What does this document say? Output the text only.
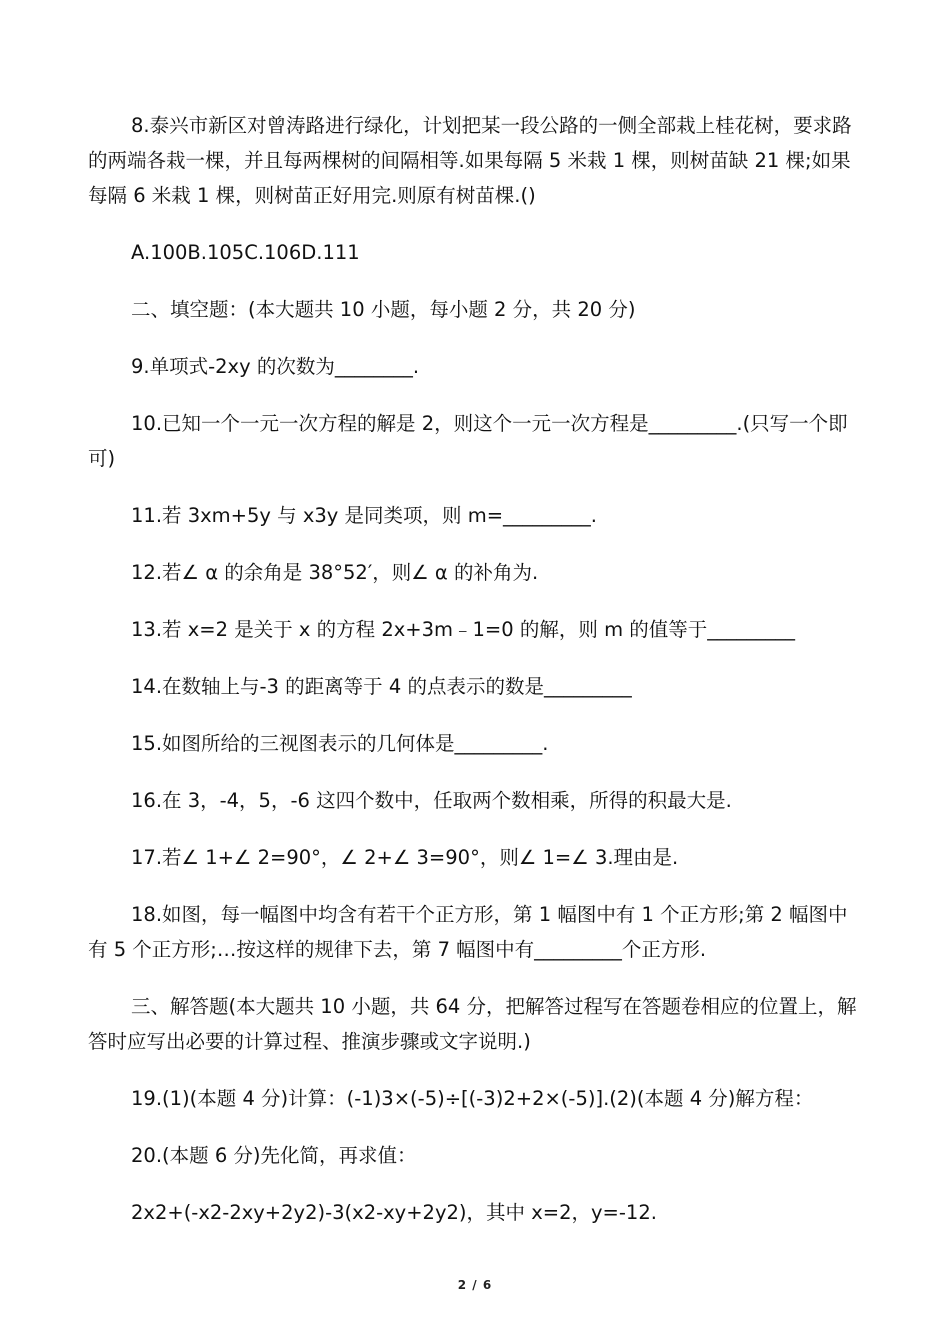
8.泰兴市新区对曾涛路进行绿化，计划把某一段公路的一侧全部栽上桂花树，要求路的两端各栽一棵，并且每两棵树的间隔相等.如果每隔 5 米栽 1 棵，则树苗缺 21 棵;如果每隔 6 米栽 1 棵，则树苗正好用完.则原有树苗棵.()

A.100B.105C.106D.111

二、填空题：(本大题共 10 小题，每小题 2 分，共 20 分)

9.单项式-2xy 的次数为________.

10.已知一个一元一次方程的解是 2，则这个一元一次方程是_________.(只写一个即可)

11.若 3xm+5y 与 x3y 是同类项，则 m=_________.

12.若∠ α 的余角是 38°52′，则∠ α 的补角为.

13.若 x=2 是关于 x 的方程 2x+3m﹣1=0 的解，则 m 的值等于_________

14.在数轴上与-3 的距离等于 4 的点表示的数是_________

15.如图所给的三视图表示的几何体是_________.

16.在 3，-4，5，-6 这四个数中，任取两个数相乘，所得的积最大是.

17.若∠ 1+∠ 2=90°，∠ 2+∠ 3=90°，则∠ 1=∠ 3.理由是.

18.如图，每一幅图中均含有若干个正方形，第 1 幅图中有 1 个正方形;第 2 幅图中有 5 个正方形;…按这样的规律下去，第 7 幅图中有_________个正方形.

三、解答题(本大题共 10 小题，共 64 分，把解答过程写在答题卷相应的位置上，解答时应写出必要的计算过程、推演步骤或文字说明.)

19.(1)(本题 4 分)计算：(-1)3×(-5)÷[(-3)2+2×(-5)].(2)(本题 4 分)解方程：

20.(本题 6 分)先化简，再求值：

2x2+(-x2-2xy+2y2)-3(x2-xy+2y2)，其中 x=2，y=-12.

2 / 6
